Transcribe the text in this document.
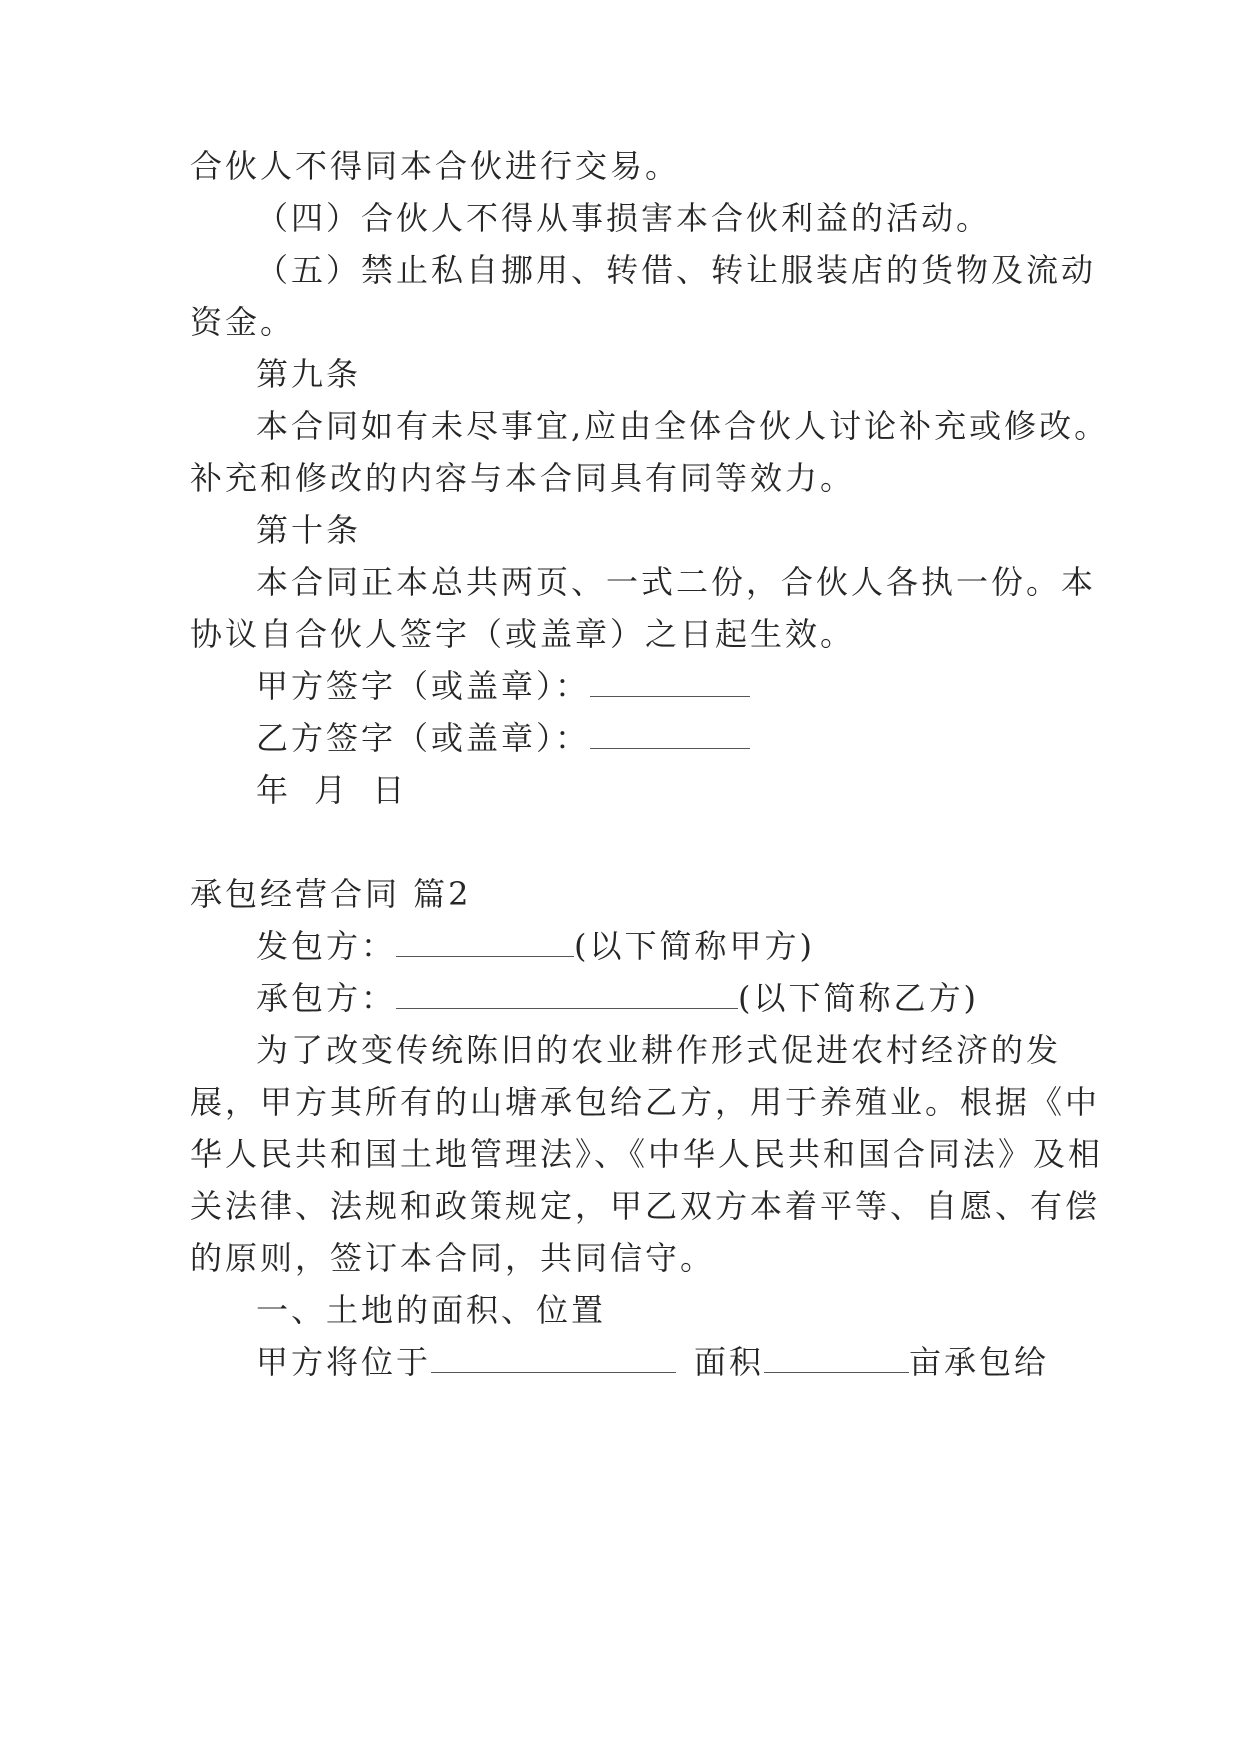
合伙人不得同本合伙进行交易。
（四）合伙人不得从事损害本合伙利益的活动。
（五）禁止私自挪用、转借、转让服装店的货物及流动
资金。
第九条
本合同如有未尽事宜,应由全体合伙人讨论补充或修改。
补充和修改的内容与本合同具有同等效力。
第十条
本合同正本总共两页、一式二份，合伙人各执一份。本
协议自合伙人签字（或盖章）之日起生效。
甲方签字（或盖章）：
乙方签字（或盖章）：
年 月 日
承包经营合同 篇2
发包方：	(以下简称甲方)
承包方：	(以下简称乙方)
为了改变传统陈旧的农业耕作形式促进农村经济的发
展，甲方其所有的山塘承包给乙方，用于养殖业。根据《中
华人民共和国土地管理法》、《中华人民共和国合同法》及相
关法律、法规和政策规定，甲乙双方本着平等、自愿、有偿
的原则，签订本合同，共同信守。
一、土地的面积、位置
甲方将位于	面积	亩承包给
